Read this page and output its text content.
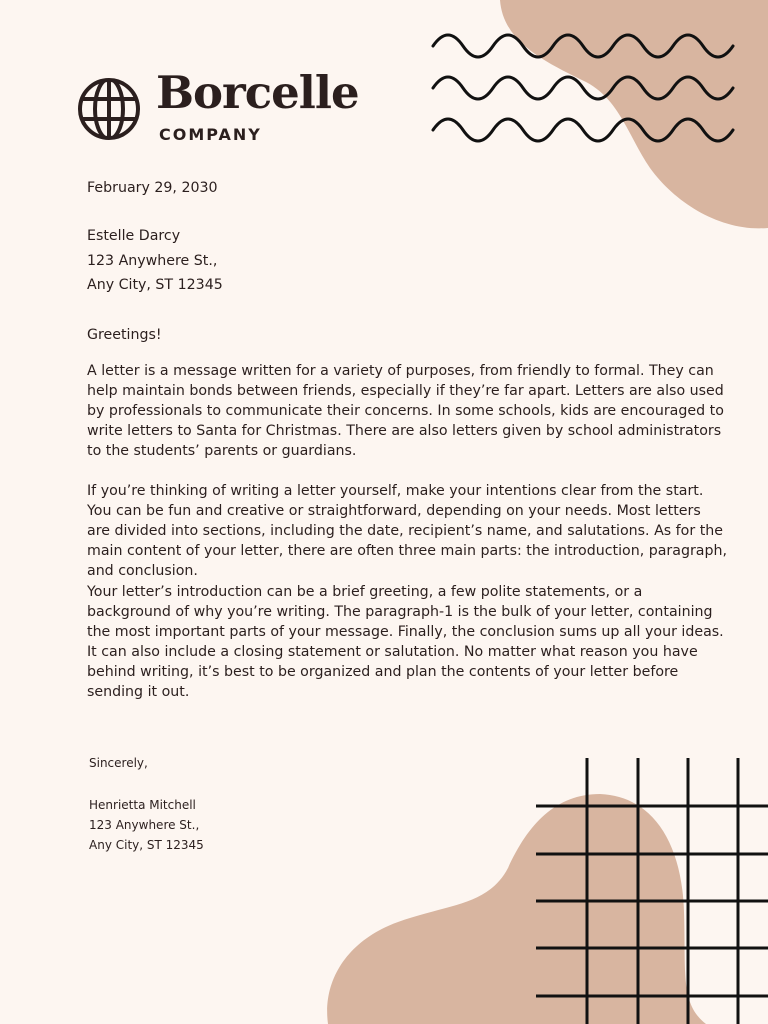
Borcelle
COMPANY
February 29, 2030
Estelle Darcy
123 Anywhere St.,
Any City, ST 12345
Greetings!

A letter is a message written for a variety of purposes, from friendly to formal. They can help maintain bonds between friends, especially if they’re far apart. Letters are also used by professionals to communicate their concerns. In some schools, kids are encouraged to write letters to Santa for Christmas. There are also letters given by school administrators to the students’ parents or guardians.

If you’re thinking of writing a letter yourself, make your intentions clear from the start. You can be fun and creative or straightforward, depending on your needs. Most letters are divided into sections, including the date, recipient’s name, and salutations. As for the main content of your letter, there are often three main parts: the introduction, paragraph, and conclusion.

Your letter’s introduction can be a brief greeting, a few polite statements, or a background of why you’re writing. The paragraph-1 is the bulk of your letter, containing the most important parts of your message. Finally, the conclusion sums up all your ideas. It can also include a closing statement or salutation. No matter what reason you have behind writing, it’s best to be organized and plan the contents of your letter before sending it out.

Sincerely,
Henrietta Mitchell
123 Anywhere St.,
Any City, ST 12345
